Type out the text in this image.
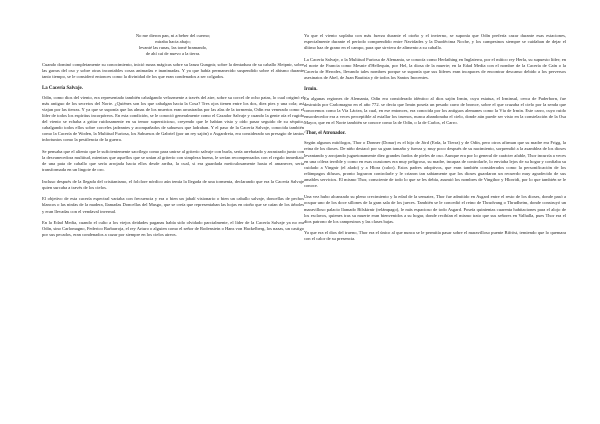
No me dieron pan, ni a beber del cuerno;
miraba hacia abajo;
levanté las runas, las tomé bramando,
de ahí caí de nuevo a la tierra.

Cuando dominó completamente su conocimiento, inició runas mágicas sobre su lanza Gungnir, sobre la dentadura de su caballo Sleipnir, sobre las garras del oso y sobre otras incontables cosas animadas e inanimadas. Y ya que había permanecido suspendido sobre el abismo durante tanto tiempo, se le consideró entonces como la divinidad de los que eran condenados a ser colgados.

La Cacería Salvaje.

Odín, como dios del viento, era representado también cabalgando velozmente a través del aire, sobre su corcel de ocho patas, lo cual originó el más antiguo de los secretos del Norte. ¿Quiénes son los que cabalgan hacia la Cosa? Tres ojos tienen entre los dos, diez pies y una cola; así viajan por las tierras. Y ya que se suponía que las almas de los muertos eran arrastradas por las alas de la tormenta, Odín era venerado como el líder de todos los espíritus incorpóreos. En esta condición, se le conoció generalmente como el Cazador Salvaje y cuando la gente oía el rugido del viento se echaba a gritar ruidosamente en su temor supersticioso, creyendo que le habían visto y oído pasar seguido de su séquito, cabalgando todos ellos sobre corceles jadeantes y acompañados de sabuesos que ladraban. Y el paso de la Cacería Salvaje, conocida también como la Cacería de Woden, la Multitud Furiosa, los Sabuesos de Gabriel (por un rey sajón) o Asgardreia, era considerado un presagio de tantos infortunios como la pestilencia de la guerra.

Se pensaba que el aliento que le suficientemente sacrílego como para unirse al griterío salvaje con burla, sería arrebatado y arrastrado junto con la desvanecedora multitud, mientras que aquellos que se unían al griterío con simpleza buena, le serían recompensados con el regalo inmediato de una pata de caballo que sería arrojada hacia ellos desde arriba, la cual, si era guardada meticulosamente hasta el amanecer, sería transformada en un lingote de oro.

Incluso después de la llegada del cristianismo, el folclore nórdico aún temía la llegada de una tormenta, declarando que era la Cacería Salvaje quien surcaba a través de los cielos.

El objetivo de esta cacería espectral variaba con frecuencia y era o bien un jabalí visionario o bien un caballo salvaje, doncellas de pechos blancos o las ninfas de la madera, llamadas Doncellas del Musgo, que se creía que representaban las hojas en otoño que se caían de los árboles y eran llevadas con el vendaval invernal.

En la Edad Media, cuando el culto a los viejos deidades paganas había sido olvidado parcialmente, el líder de la Cacería Salvaje ya no era Odín, sino Carlomagno, Federico Barbarroja, el rey Arturo o alguien como el señor de Rodenstein o Hans von Hackelberg, los nazas, un castigo por sus pecados, eran condenados a cazar por siempre en los cielos aireos.

Ya que el viento soplaba con más fuerza durante el otoño y el invierno, se suponía que Odín prefería cazar durante esas estaciones, especialmente durante el período comprendido entre Navidades y la Duodécima Noche, y los campesinos siempre se cuidaban de dejar el último haz de grano en el campo, para que sirviera de alimento a su caballo.

La Cacería Salvaje, o la Multitud Furiosa de Alemania, se conocía como Herlathing en Inglaterra, por el mítico rey Herla, su supuesto líder; en el norte de Francia como Mesnie d'Hellequin, por Hel, la diosa de la muerte; en la Edad Media con el nombre de la Cacería de Caín o la Cacería de Herodes, llevando tales nombres porque se suponía que sus líderes eran incapaces de encontrar descanso debido a los perversos asesinatos de Abel, de Juan Bautista y de todos los Santos Inocentes.

Irmin.

En algunas regiones de Alemania, Odín era considerado idéntico al dios sajón Irmin, cuya estatua, el Irminsul, cerca de Paderborn, fue destruida por Carlomagno en el año 772. se decía que Irmin poseía un pesado carro de bronce, sobre el que cruzaba el cielo por la senda que conocemos como la Vía Láctea, la cual, en ese entonces, era conocida por los antiguos alemanes como la Vía de Irmin. Este carro, cuyo ruido ensordecedor era a veces perceptible al estallar los truenos, nunca abandonaba el cielo, donde aún puede ser visto en la constelación de la Osa Mayor, que en el Norte también se conoce como la de Odín, o la de Carlos, el Carro.

·Thor, el Atronador.

Según algunos mitólogos, Thor o Donner (Donar) es el hijo de Jörd (Erda, la Tierra) y de Odín, pero otros afirman que su madre era Frigg, la reina de los dioses. De niño destacó por su gran tamaño y fuerza y, muy poco después de su nacimiento, sorprendió a la asamblea de los dioses levantando y arrojando juguetonamente diez grandes fardos de pieles de oso. Aunque era por lo general de carácter afable, Thor incurría a veces en una cólera terrible y como en esas ocasiones era muy peligroso, su madre, incapaz de controlarle, lo enviaba lejos de su hogar y confiaba su cuidado a Vingnir (el alado) y a Hlora (calor). Estos padres adoptivos, que eran también considerados como la personificación de los relámpagos difusos, pronto lograron controlarle y le criaron tan sabiamente que los dioses guardaron un recuerdo muy agradecido de sus amables servicios. El mismo Thor, consciente de todo lo que se les debía, asumió los nombres de Vingthor y Hlorridi, por lo que también se le conoce.

Una vez hubo alcanzado su pleno crecimiento y la edad de la sensatez, Thor fue admitido en Asgard entre el resto de los dioses, donde pasó a ocupar uno de los doce sillones de la gran sala de los jueces. También se le concedió el reino de Thrudvang o Thrudheim, donde construyó un maravilloso palacio llamado Bilskirnir (relámpago), le más espacioso de todo Asgard. Poseía quinientas cuarenta habitaciones para el alojo de los esclavos, quienes tras su muerte eran bienvenidos a su hogar, donde recibían el mismo trato que sus señores en Valhalla, pues Thor era el dios patrono de los campesinos y las clases bajas.

Ya que era el dios del trueno, Thor era el único al que nunca se le permitía pasar sobre el maravilloso puente Bifröst, temiendo que lo quemara con el calor de su presencia.
